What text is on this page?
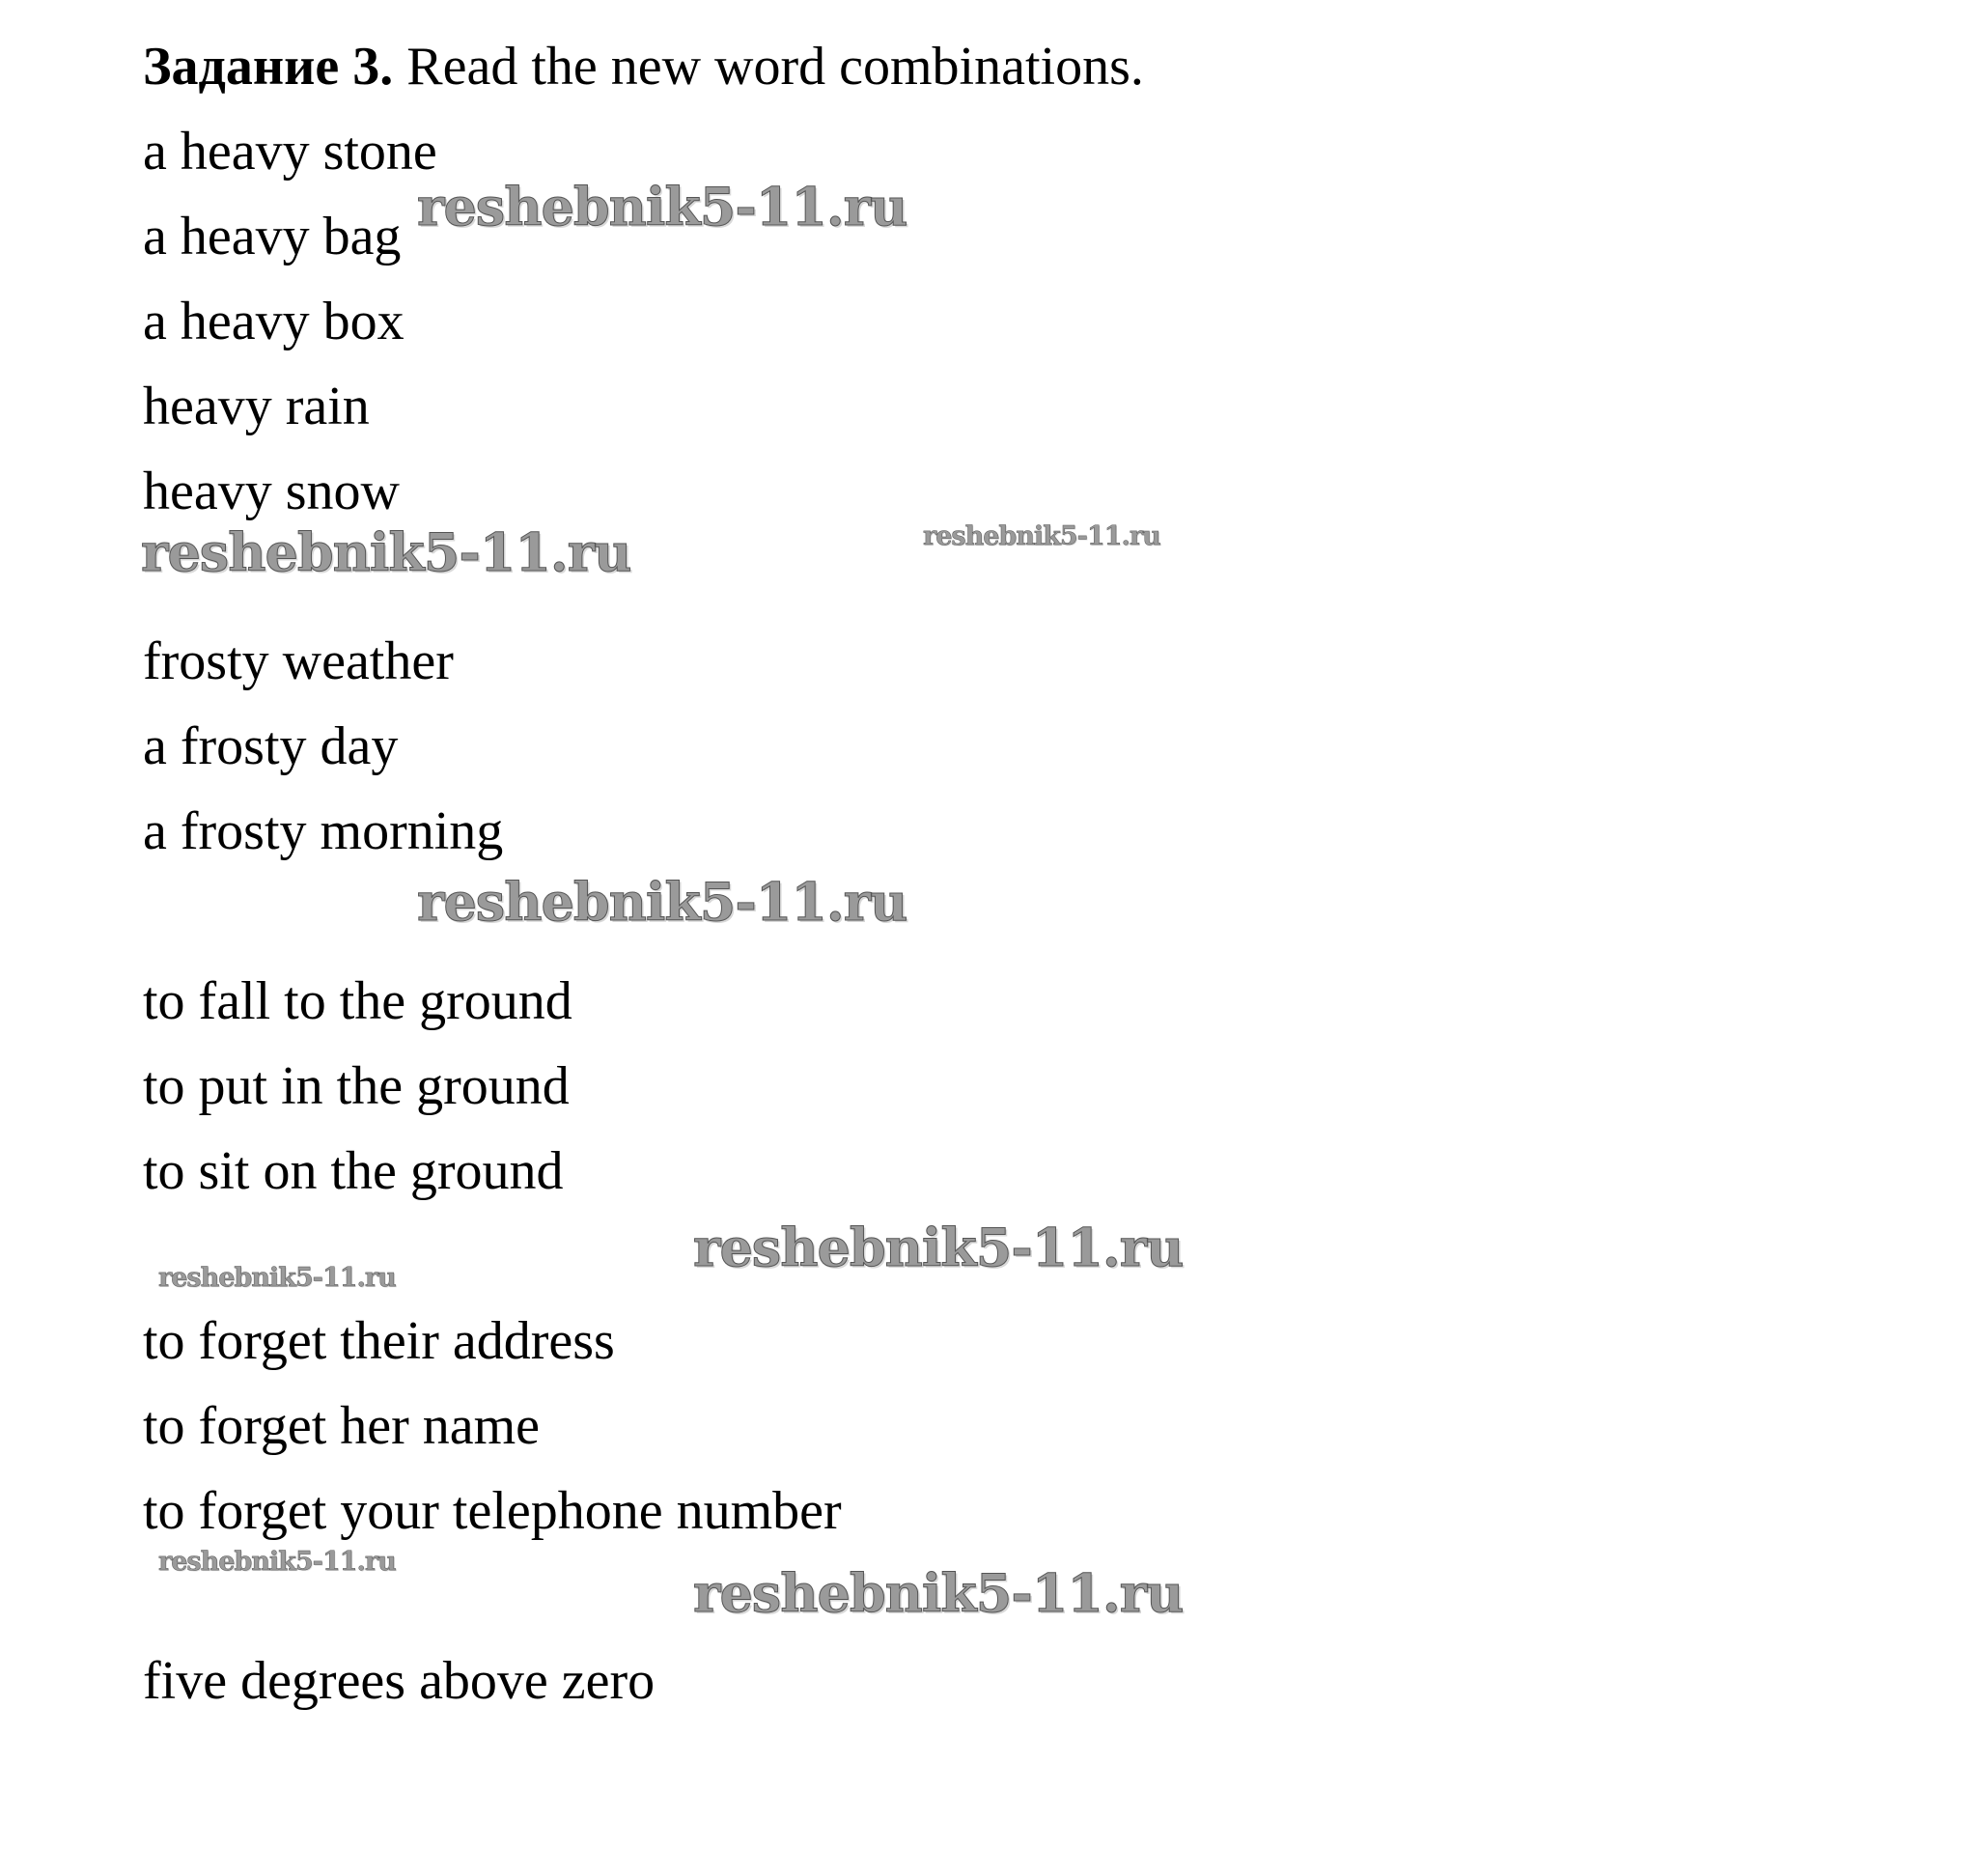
Задание 3. Read the new word combinations.
a heavy stone
a heavy bag
a heavy box
heavy rain
heavy snow
frosty weather
a frosty day
a frosty morning
to fall to the ground
to put in the ground
to sit on the ground
to forget their address
to forget her name
to forget your telephone number
five degrees above zero
reshebnik5-11.ru
reshebnik5-11.ru	reshebnik5-11.ru
reshebnik5-11.ru
reshebnik5-11.ru
reshebnik5-11.ru
reshebnik5-11.ru
reshebnik5-11.ru
